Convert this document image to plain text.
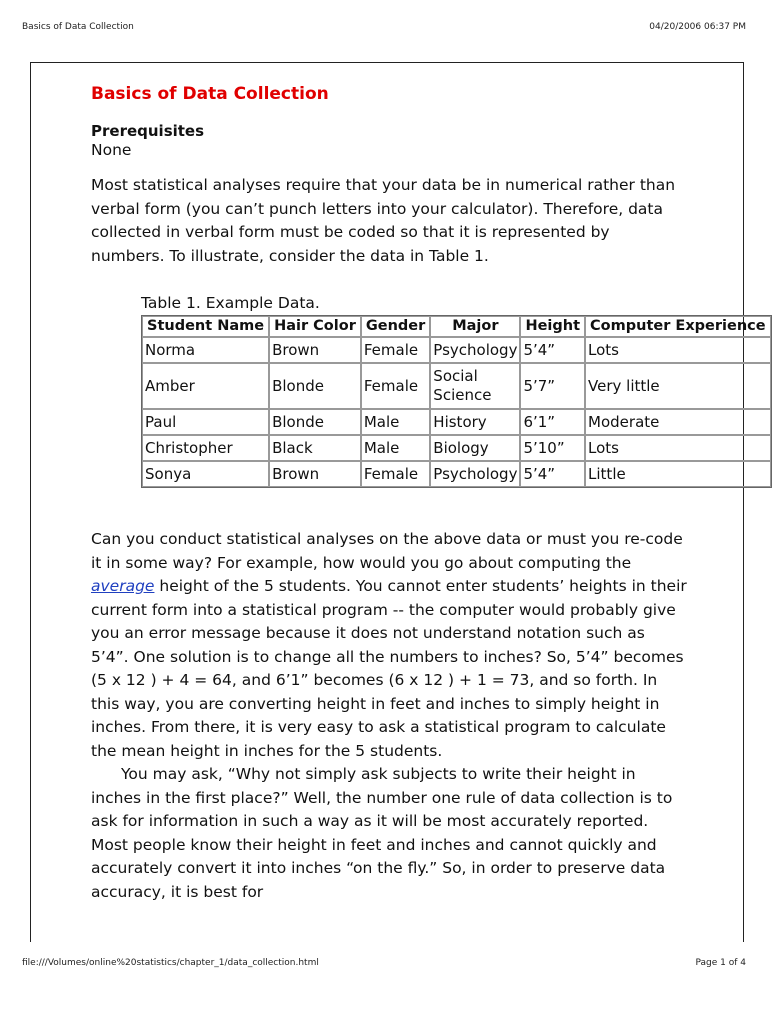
Basics of Data Collection	04/20/2006 06:37 PM
Basics of Data Collection
Prerequisites
None

Most statistical analyses require that your data be in numerical rather than verbal form (you can’t punch letters into your calculator). Therefore, data collected in verbal form must be coded so that it is represented by numbers. To illustrate, consider the data in Table 1.

Table 1. Example Data.
Student Name	Hair Color	Gender	Major	Height	Computer Experience
Norma	Brown	Female	Psychology	5’4”	Lots
Amber	Blonde	Female	Social Science	5’7”	Very little
Paul	Blonde	Male	History	6’1”	Moderate
Christopher	Black	Male	Biology	5’10”	Lots
Sonya	Brown	Female	Psychology	5’4”	Little

Can you conduct statistical analyses on the above data or must you re-code it in some way? For example, how would you go about computing the average height of the 5 students. You cannot enter students’ heights in their current form into a statistical program -- the computer would probably give you an error message because it does not understand notation such as 5’4”. One solution is to change all the numbers to inches? So, 5’4” becomes (5 x 12 ) + 4 = 64, and 6’1” becomes (6 x 12 ) + 1 = 73, and so forth. In this way, you are converting height in feet and inches to simply height in inches. From there, it is very easy to ask a statistical program to calculate the mean height in inches for the 5 students.

You may ask, “Why not simply ask subjects to write their height in inches in the first place?” Well, the number one rule of data collection is to ask for information in such a way as it will be most accurately reported. Most people know their height in feet and inches and cannot quickly and accurately convert it into inches “on the fly.” So, in order to preserve data accuracy, it is best for

file:///Volumes/online%20statistics/chapter_1/data_collection.html	Page 1 of 4
